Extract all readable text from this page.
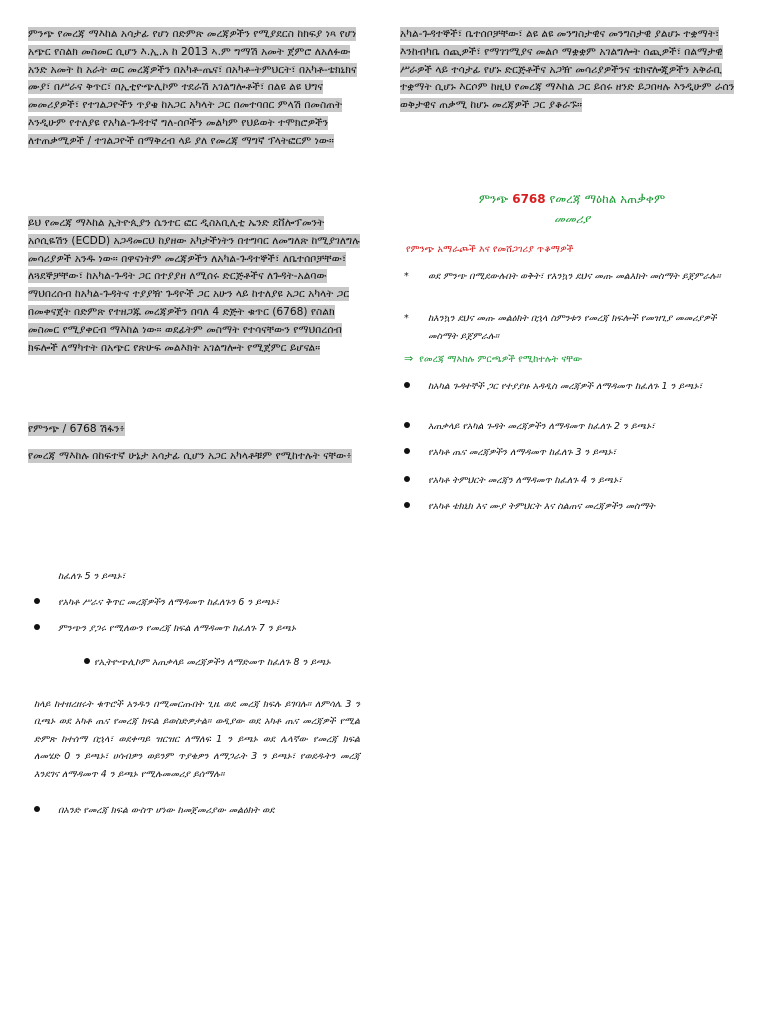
ምንጭ የመረጃ ማእከል አሳታፊ የሆነ በድምጽ መረጃዎችን የሚያደርስ ከክፍያ ነጻ የሆነ አጭር የስልክ መስመር ሲሆን እ.ኢ.አ ከ 2013 ኣ.ም ግማሽ አመት ጀምሮ ለአለፉው አንድ አመት ከ አራት ወር መረጃዎችን በአካቶ-ጤና፣ በአካቶ-ትምህርት፣ በአካቶ-ቴክኒክና ሙያ፣ በሥራና ቅጥር፣ በኢቲዮጭሊኮም ተደራሽ አገልግሎቶች፣ በልዩ ልዩ ህግና መመሪያዎች፣ የተገልጋዮችን ጥያቄ ከአጋር አካላት ጋር በመተባበር ምላሽ በመስጠት እንዲሁም የተለያዩ የአካል-ጉዳተኛ ግለ-ሰቦችን መልካም የህይወት ተሞክሮዎችን ለተጠቃሚዎች / ተገልጋዮች በማቅረብ ላይ ያለ የመረጃ ማግኛ ፕላትፎርም ነው።
ይህ የመረጃ ማእከል ኢትዮጲያን ሴንተር ፎር ዲስአቢሊቲ ኤንድ ደቨሎፕመንት አሶሲዬሽን (ECDD) አጋዳመርህ ከያዘው አካታችነትን በተግባር ለመግለጽ ከሚያገለግሉ መሳሪያዎች አንዱ ነው። በዋናነትም መረጃዎችን ለአካል-ጉዳተኞች፣ ለቤተሰቦቻቸው፣ ለጓደኞቻቸው፣ ከአካል-ጉዳት ጋር በተያያዘ ለሚሰሩ ድርጅቶችና ለጉዳት-አልባው ማህበረሰብ ከአካል-ጉዳትና ተያያዥ ጉዳዮች ጋር አሁን ላይ ከተለያዩ አጋር አካላት ጋር በመቀናጀት በድምጽ የተዘጋጁ መረጃዎችን በባለ 4 ድጅት ቁጥር (6768) የስልክ መስመር የሚያቀርብ ማእከል ነው። ወደፊትም መስማት የተሳናቸውን የማህበረሰብ ክፍሎች ለማካተት በአጭር የጽሁፍ መልእክት አገልግሎት የሚጀምር ይሆናል።
የምንጭ / 6768 ሽፋን፥
የመረጃ ማእከሉ በከፍተኛ ሁኔታ አሳታፊ ሲሆን አጋር አካላቶቹም የሚከተሉት ናቸው፥
ከፈለጉ 5 ን ይጫኑ፣
የአካቶ ሥራና ቅጥር መረጃዎችን ለማዳመጥ ከፈለጉን 6 ን ይጫኑ፣
ምንጭን ያጋሩ የሚለውን የመረጃ ክፍል ለማዳመጥ ከፈለጉ 7 ን ይጫኑ
የኢትዮጭሊኮም አጠቃላይ መረጃዎችን ለማድመጥ ከፈለጉ 8 ን ይጫኑ
ከላይ ከተዘረዘሩት ቁጥሮች አንዱን በሚመርጡበት ጊዜ ወደ መረጃ ክፍሉ ይገባሉ። ለምሳሌ 3 ን ቢጫኑ ወደ አካቶ ጤና የመረጃ ክፍል ይወስድዎታል። ወዲያው ወደ አካቶ ጤና መረጃዎች የሚል ድምጽ ከተሰማ በኋላ፣ ወደቀጣይ ዝርዝር ለማለፍ 1 ን ይጫኑ ወደ ሌላኛው የመረጃ ክፍል ለመሄድ 0 ን ይጫኑ፣ ሀሳብዎን ወይንም ጥያቄዎን ለማጋራት 3 ን ይጫኑ፣ የወደዱትን መረጃ እንደገና ለማዳመጥ 4 ን ይጫኑ የሚሉመመሪያ ይሰማሉ።
በአንድ የመረጃ ክፍል ውስጥ ሆነው ከመጀመሪያው መልዕክት ወደ
አካል-ጉዳተኞች፣ ቤተሰቦቻቸው፣ ልዩ ልዩ መንግስታዊና መንግስታዊ ያልሆኑ ተቋማት፣ እንከብካቤ ሰጪዎች፣ የማገገሚያና መልሶ ማቋቋም አገልግሎት ሰጪዎች፣ በልማታዊ ሥራዎች ላይ ተሳታፊ የሆኑ ድርጅቶችና አጋዥ መሳሪያዎችንና ቴክኖሎጂዎችን አቅራቢ ተቋማት ሲሆኑ እርሶም ከዚህ የመረጃ ማእከል ጋር ይሰሩ ዘንድ ይጋበዛሉ እንዲሁም ራሰን ወቅታዊና ጠቃሚ ከሆኑ መረጃዎች ጋር ያቆራኙ።
ምንጭ 6768 የመረጃ ማዕከል አጠቃቀም
መመሪያ
የምንጭ አማራጮች እና የመሸጋገሪያ ጥቆማዎች
*	ወደ ምንጭ በሚደውሉበት ወቅት፣ የእንኳን ደህና መጡ መልእክት መስማት ይጀምራሉ።
*	ከእንኳን ደህና መጡ መልዕክት በኋላ ስምንቱን የመረጃ ክፍሎች የመዝጊያ መመሪያዎች መስማት ይጀምራሉ።
⇒ የመረጃ ማእከሉ ምርጫዎች የሚከተሉት ናቸው
ከአካል ጉዳተኞች ጋር የተያያዙ አዳዲስ መረጃዎች ለማዳመጥ ከፈለጉ 1 ን ይጫኑ፣
አጠቃላይ የአካል ጉዳት መረጃዎችን ለማዳመጥ ከፈለጉ 2 ን ይጫኑ፣
የአካቶ ጤና መረጃዎችን ለማዳመጥ ከፈለጉ 3 ን ይጫኑ፣
የአካቶ ትምህርት መረጃን ለማዳመጥ ከፈለጉ 4 ን ይጫኑ፣
የአካቶ ቴክኒክ እና ሙያ ትምህርት እና ስልጠና መረጃዎችን መስማት
